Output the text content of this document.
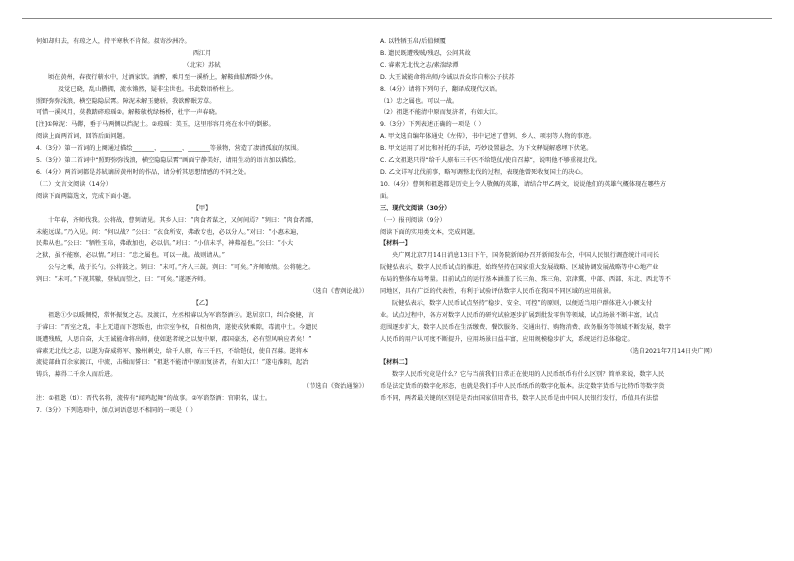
何如却归去，有琼之人，持平寒秋不肯留。叔寄沙洲冷。
西江月
（北宋）苏轼
顷在黄州，春夜行蕲水中，过酒家饮。酒醉，乘月至一溪桥上，解鞍曲肱醉卧少休。
及觉已晓，乱山攒拥，流水锵然，疑非尘世也。书此数语桥柱上。
照野弥弥浅浪，横空隐隐层霄。障泥未解玉骢骄，我欲醉眠芳草。
可惜一溪风月，莫教踏碎琼瑶②。解鞍欹枕绿杨桥，杜宇一声春晓。
[注]①障泥：马鞯，垂于马两侧以挡泥土。②琼瑶：美玉，这里形容月亮在水中的倒影。
阅读上面两首词，回答后面问题。
4.（3分）第一首词的上阕通过描绘_______、_______、_______等景物，营造了凄清孤寂的氛围。
5.（3分）第二首词中“照野弥弥浅浪，横空隐隐层霄”画面宁静美好，请用生动的语言加以描绘。
6.（4分）两首词都是苏轼谪居黄州时的作品，请分析其思想情感的不同之处。
（二）文言文阅读（14分）
阅读下面两篇选文，完成下面小题。
【甲】
十年春，齐师伐我。公将战，曹刿请见。其乡人曰：“肉食者谋之，又何间焉？”刿曰：“肉食者鄙，
未能远谋。”乃入见。问：“何以战？”公曰：“衣食所安，弗敢专也，必以分人。”对曰：“小惠未遍，
民弗从也。”公曰：“牺牲玉帛，弗敢加也，必以信。”对曰：“小信未孚，神弗福也。”公曰：“小大
之狱，虽不能察，必以情。”对曰：“忠之属也。可以一战。战则请从。”
公与之乘，战于长勺。公将鼓之。刿曰：“未可。”齐人三鼓。刿曰：“可矣。”齐师败绩。公将驰之。
刿曰：“未可。”下视其辙，登轼而望之，曰：“可矣。”遂逐齐师。
（选自《曹刿论战》）
【乙】
祖逖①少以暖倜傥，常怀振复之志。及渡江，左丞相睿以为军谘祭酒②。逖居京口，纠合骁健，言
于睿曰：“晋室之乱，非上无道而下怨叛也，由宗室争权，自相鱼肉，遂使戎狄乘隙，毒流中土。今遗民
既遭残贼，人思自奋，大王诚能命将出师，使如逖者统之以复中原，郡国豪杰，必有望风响应者矣！”
睿素无北伐之志，以逖为奋威将军、豫州刺史，给千人廪，布三千匹，不给铠仗，使自召募。逖将本
流徒部曲百余家渡江，中流，击楫而誓曰：“祖逖不能清中原而复济者，有如大江！”遂屯淮阴，起冶
铸兵，募得二千余人而后进。
（节选自《资治通鉴》）
注：①祖逖（tì）：晋代名将，流传有“闻鸡起舞”的故事。②军谘祭酒：官职名，谋士。
7.（3分）下列选项中，加点词语意思不相同的一项是（ ）
A. 以牲牺玉帛/后值倾覆
B. 遗民既遭残贼/残忍，公问其故
C. 睿素无北伐之志/素湍绿潭
D. 大王诚能命将出师/今诚以吾众诈自称公子扶苏
8.（4分）请将下列句子，翻译成现代汉语。
（1）忠之属也。可以一战。
（2）祖逖不能清中原而复济者，有如大江。
9.（3分）下列表述正确的一项是（ ）
A. 甲文选自编年体通史《左传》，书中记述了曹刿、乡人、项羽等人物的事迹。
B. 甲文运用了对比和衬托的手法，巧妙设置悬念，为下文释疑解惑埋下伏笔。
C. 乙文祖逖只得“给千人廪布三千匹不给铠仗/使自召募”，说明他不够重视北伐。
D. 乙文详写北伐前事，略写调整北伐的过程，表现他曾死收复国土的决心。
10.（4分）曹刿和祖逖都是历史上令人敬佩的英雄，请结合甲乙两文，说说他们的英雄气概体现在哪些方
面。
三、现代文阅读（30分）
（一）报刊阅读（9分）
阅读下面的实用类文本，完成问题。
【材料一】
央广网北京7月14日消息13日下午，国务院新闻办召开新闻发布会，中国人民银行调查统计司司长
阮健弘表示，数字人民币试点的推进，始终坚持在国家重大发展战略、区域协调发展战略等中心地产业
布局的整体布局考量。目前试点的运行基本涵盖了长三角、珠三角、京津冀、中部、西部、东北、西北等不
同地区，具有广泛的代表性，有利于试验评估数字人民币在我国不同区域的应用前景。
阮健弘表示，数字人民币试点坚持“稳步、安全、可控”的原则，以便适当用户群体进入小额支付
业。试点过程中，各方对数字人民币的研究试验逐步扩展到批发零售等领域，试点场景不断丰富，试点
范围逐步扩大，数字人民币在生活缴费、餐饮服务、交通出行、购物消费、政务服务等领域不断发展，数字
人民币的用户认可度不断提升，应用场景日益丰富，应用规模稳步扩大，系统运行总体稳定。
（选自2021年7月14日央广网）
【材料二】
数字人民币究竟是什么？它与当前我们日常正在使用的人民币纸币有什么区别？简单来说，数字人民
币是法定货币的数字化形态，也就是我们手中人民币纸币的数字化版本。法定数字货币与比特币等数字货
币不同，两者最关键的区别是是否由国家信用背书，数字人民币是由中国人民银行发行，币值具有法偿
